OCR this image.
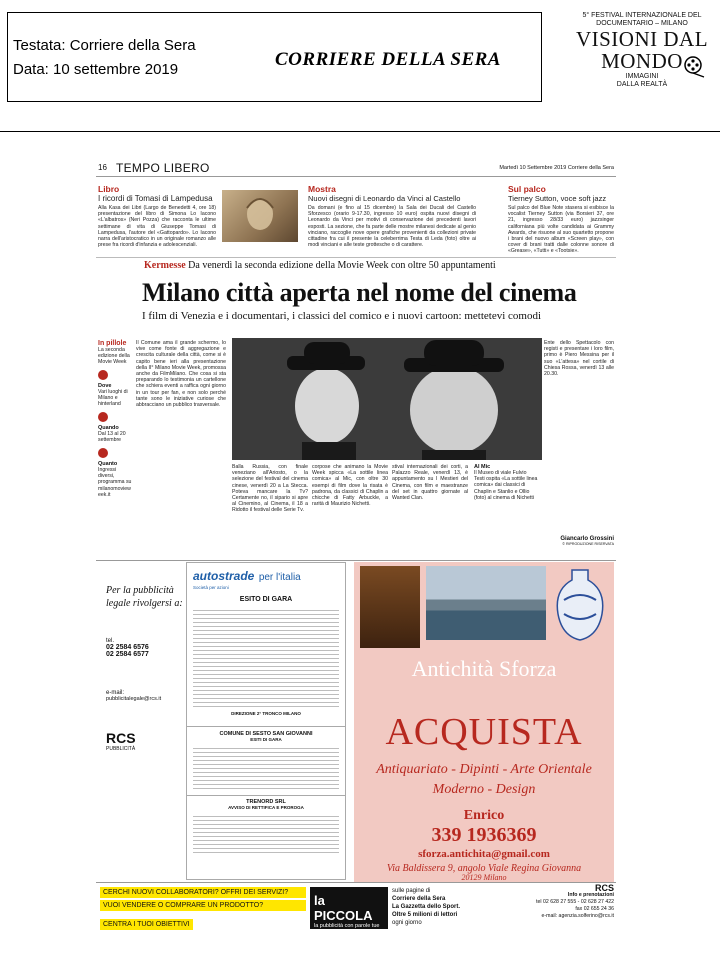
Testata: Corriere della Sera
Data: 10 settembre 2019	CORRIERE DELLA SERA
5° FESTIVAL INTERNAZIONALE DEL DOCUMENTARIO – MILANO
VISIONI DAL
MONDO
IMMAGINI
DALLA REALTÀ
16 TEMPO LIBERO	Martedì 10 Settembre 2019 Corriere della Sera
Libro
I ricordi di Tomasi di Lampedusa
Alla Kasa dei Libri (Largo de Benedetti 4, ore 18) presentazione del libro di Simona Lo Iacono «L'albatros» (Neri Pozza) che racconta le ultime settimane di vita di Giuseppe Tomasi di Lampedusa, l'autore del «Gattopardo». Lo Iacono narra dell'aristocratico in un originale romanzo alle prese fra ricordi d'infanzia e adolescenziali.
Mostra
Nuovi disegni di Leonardo da Vinci al Castello
Da domani (e fino al 15 dicembre) la Sala dei Ducali del Castello Sforzesco (orario 9-17.30, ingresso 10 euro) ospita nuovi disegni di Leonardo da Vinci per motivi di conservazione dei precedenti lavori esposti. La sezione, che fa parte delle mostre milanesi dedicate al genio vinciano, raccoglie nove opere grafiche provenienti da collezioni private cittadine fra cui il presente la celeberrima Testa di Leda (foto) oltre ai modi vinciani e alle teste grottesche o di carattere.
Sul palco
Tierney Sutton, voce soft jazz
Sul palco del Blue Note stasera si esibisce la vocalist Tierney Sutton (via Borsieri 37, ore 21, ingresso 28/33 euro) jazzsinger californiana più volte candidata ai Grammy Awards, che risuone al suo quartetto propone i brani del nuovo album «Screen play», con cover di brani tratti dalle colonne sonore di «Grease», «Tutti» e «Tootsie».
Kermesse Da venerdì la seconda edizione della Movie Week con oltre 50 appuntamenti
Milano città aperta nel nome del cinema
I film di Venezia e i documentari, i classici del comico e i nuovi cartoon: mettetevi comodi
In pillole
La seconda edizione della Movie Week
Dove
Vari luoghi di Milano e hinterland
Quando
Dal 13 al 20 settembre
Quanto
Ingressi diversi, programma su milanomoview eek.it
Il Comune ama il grande schermo, lo vive come fonte di aggregazione e crescita culturale della città, come si è capito bene ieri alla presentazione della II° Milano Movie Week, promossa anche da FilmMilano. Che cosa si sta preparando lo testimonia un cartellone che schiera eventi a raffica ogni giorno in un tour per fan, e non solo perché tante sono le iniziative curiose che abbracciano un pubblico trasversale.
Ente dello Spettacolo con registi e presentare i loro film, primo è Piero Messina per il suo «L'attesa» nel cortile di Chiesa Rossa, venerdì 13 alle 20.30.
Balla Russia, con finale veneziano all'Ariosto, o la selezione del festival del cinema cinese, venerdì 20 a La Stecca. Poteva mancare la Tv? Certamente no, il sipario si apre al Cinemino, al Cinema, il 18 a Ridotto il festival delle Serie Tv.
corpose che animano la Movie Week spicca «La sottile linea comica» al Mic, con oltre 30 esempi di film dove la risata è padrona, da classici di Chaplin a chicche di Fatty Arbuckle, a rarità di Maurizio Nichetti.
stival internazionali dei corti, a Palazzo Reale, venerdì 13, è appuntamento su I Mestieri del Cinema, con film e maestranze del set in quattro giornate al Wanted Clan.
Al Mic
Il Museo di viale Fulvio Testi ospita «La sottile linea comica» dai classici di Chaplin e Stanlio e Ollio (foto) al cinema di Nichetti
Giancarlo Grossini
© RIPRODUZIONE RISERVATA
Per la pubblicità legale rivolgersi a:
tel.
02 2584 6576
02 2584 6577
e-mail:
pubblicitalegale@rcs.it
RCS
PUBBLICITÀ
autostrade per l'italia
Società per azioni
ESITO DI GARA
DIREZIONE 2° TRONCO MILANO
COMUNE DI SESTO SAN GIOVANNI
ESITI DI GARA
TRENORD SRL
AVVISO DI RETTIFICA E PROROGA
Antichità Sforza
ACQUISTA
Antiquariato - Dipinti - Arte Orientale
Moderno - Design
Enrico
339 1936369
sforza.antichita@gmail.com
Via Baldissera 9, angolo Viale Regina Giovanna
20129 Milano
CERCHI NUOVI COLLABORATORI? OFFRI DEI SERVIZI?
VUOI VENDERE O COMPRARE UN PRODOTTO?
CENTRA I TUOI OBIETTIVI
la PICCOLA
la pubblicità con parole tue
sulle pagine di
Corriere della Sera
La Gazzetta dello Sport.
Oltre 5 milioni di lettori
ogni giorno
RCS
Info e prenotazioni
tel 02 628 27 555 - 02 628 27 422
fax 02 655 24 36
e-mail: agenzia.solferino@rcs.it
